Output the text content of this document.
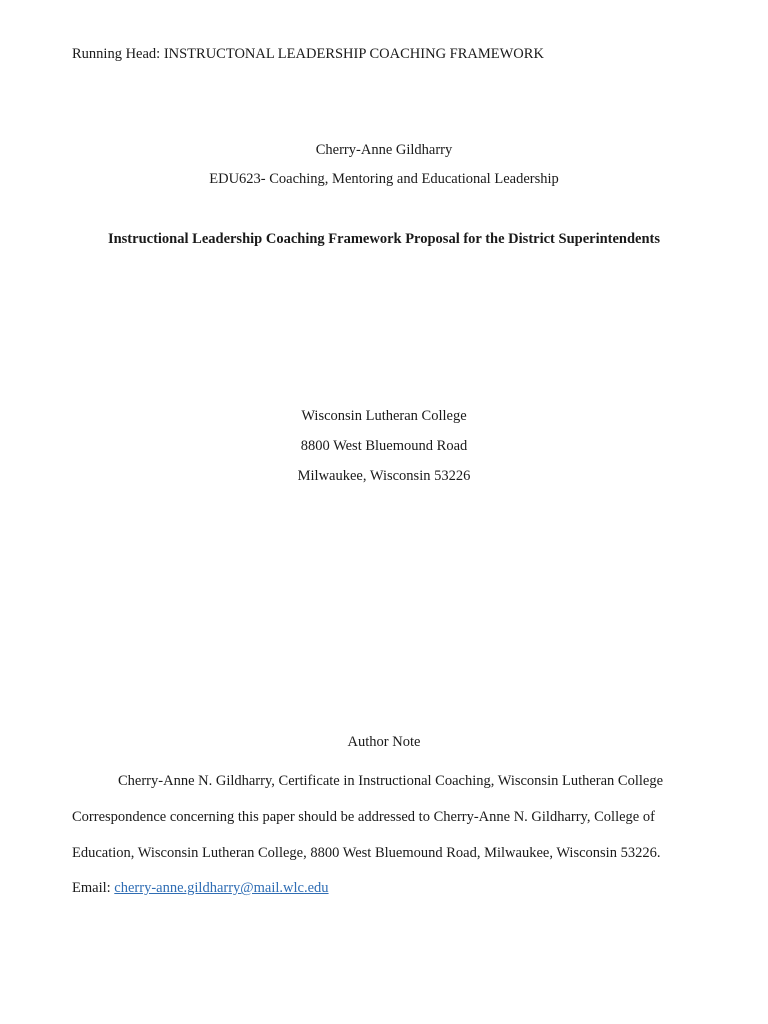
Running Head: INSTRUCTONAL LEADERSHIP COACHING FRAMEWORK
Cherry-Anne Gildharry
EDU623- Coaching, Mentoring and Educational Leadership
Instructional Leadership Coaching Framework Proposal for the District Superintendents
Wisconsin Lutheran College
8800 West Bluemound Road
Milwaukee, Wisconsin 53226
Author Note
Cherry-Anne N. Gildharry, Certificate in Instructional Coaching, Wisconsin Lutheran College
Correspondence concerning this paper should be addressed to Cherry-Anne N. Gildharry, College of
Education, Wisconsin Lutheran College, 8800 West Bluemound Road, Milwaukee, Wisconsin 53226.
Email: cherry-anne.gildharry@mail.wlc.edu
